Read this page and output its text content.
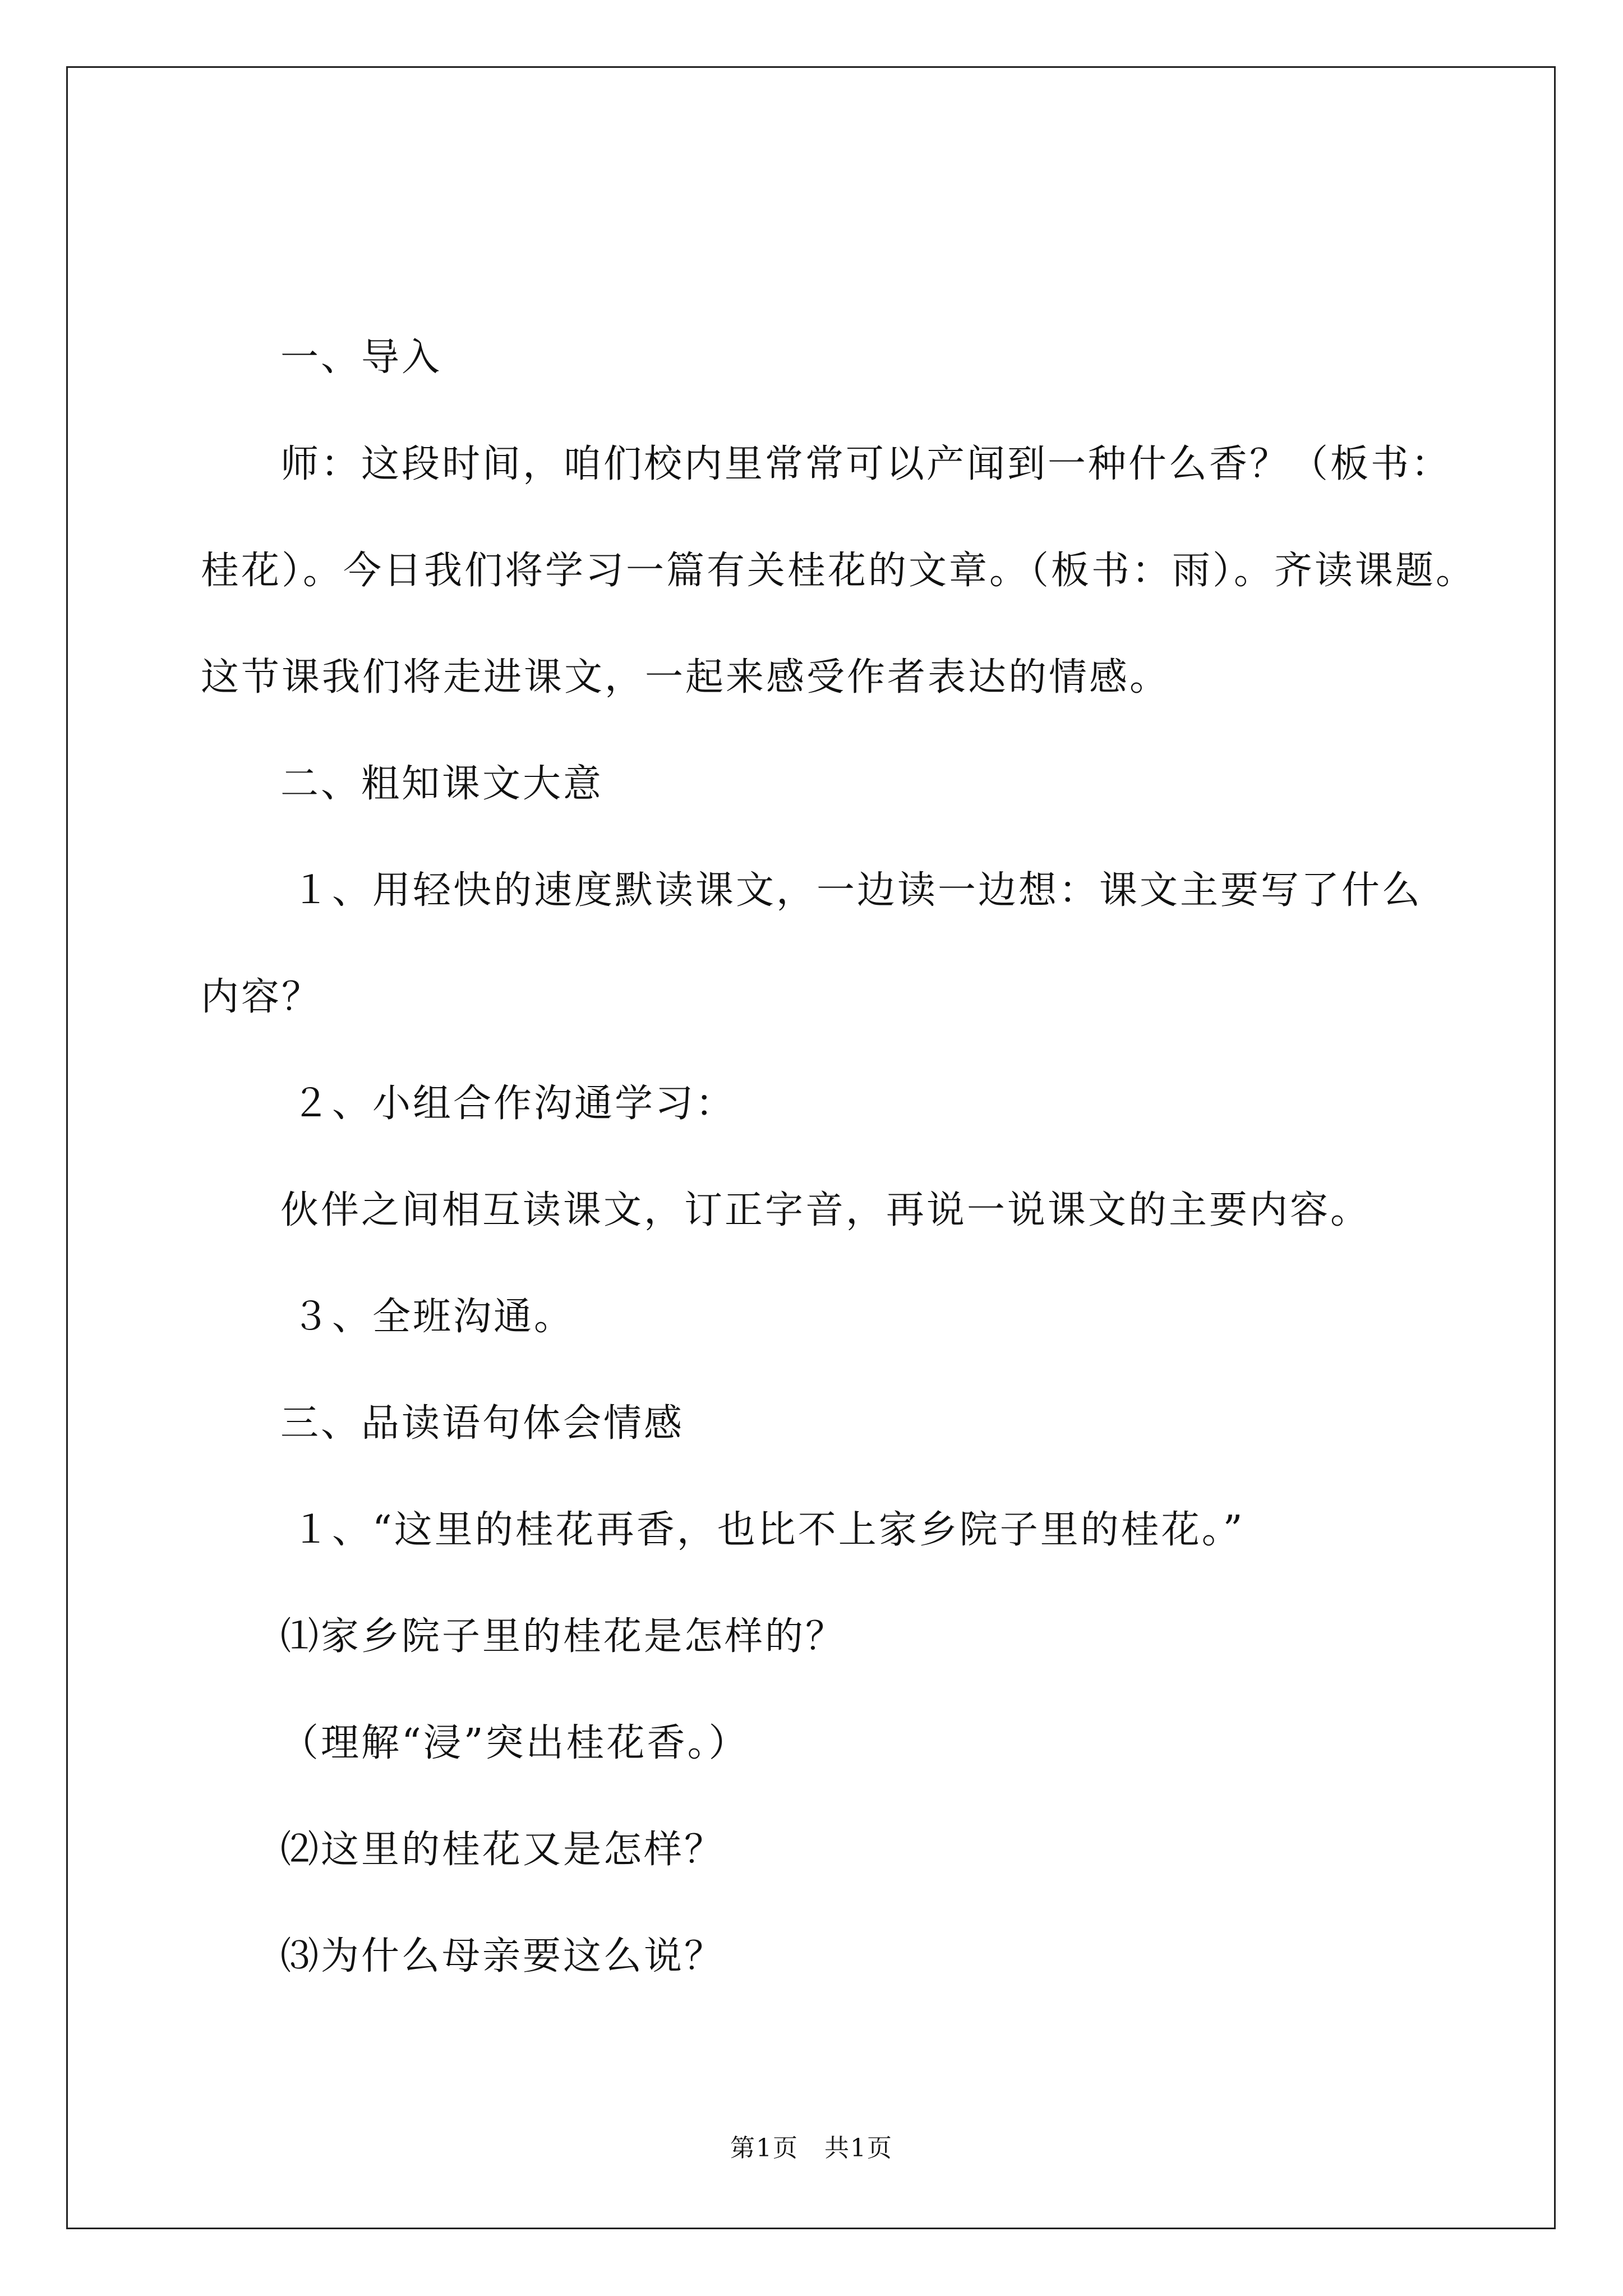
一、导入

师：这段时间，咱们校内里常常可以产闻到一种什么香？（板书：

桂花）。今日我们将学习一篇有关桂花的文章。（板书：雨）。齐读课题。

这节课我们将走进课文，一起来感受作者表达的情感。

二、粗知课文大意

１、用轻快的速度默读课文，一边读一边想：课文主要写了什么

内容？

２、小组合作沟通学习：

伙伴之间相互读课文，订正字音，再说一说课文的主要内容。

３、全班沟通。

三、品读语句体会情感

１、“这里的桂花再香，也比不上家乡院子里的桂花。”

⑴家乡院子里的桂花是怎样的？

（理解“浸”突出桂花香。）

⑵这里的桂花又是怎样？

⑶为什么母亲要这么说？

第1页　共1页
